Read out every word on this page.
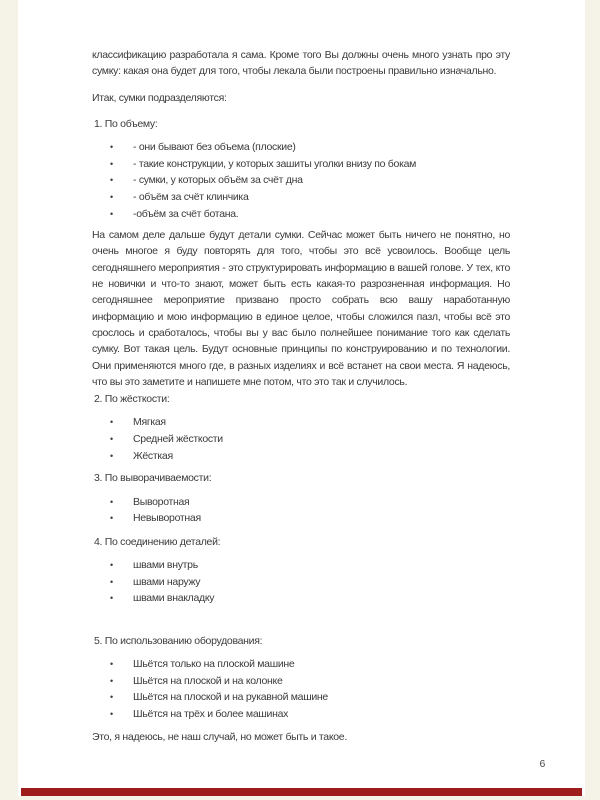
классификацию разработала я сама. Кроме того Вы должны очень много узнать про эту сумку: какая она будет для того, чтобы лекала были построены правильно изначально.

Итак, сумки подразделяются:

1. По объему:

•	- они бывают без объема (плоские)
•	- такие конструкции, у которых зашиты уголки внизу по бокам
•	- сумки, у которых объём за счёт дна
•	- объём за счёт клинчика
•	-объём за счёт ботана.

На самом деле дальше будут детали сумки. Сейчас может быть ничего не понятно, но очень многое я буду повторять для того, чтобы это всё усвоилось. Вообще цель сегодняшнего мероприятия - это структурировать информацию в вашей голове. У тех, кто не новички и что-то знают, может быть есть какая-то разрозненная информация. Но сегодняшнее мероприятие призвано просто собрать всю вашу наработанную информацию и мою информацию в единое целое, чтобы сложился пазл, чтобы всё это срослось и сработалось, чтобы вы у вас было полнейшее понимание того как сделать сумку. Вот такая цель. Будут основные принципы по конструированию и по технологии. Они применяются много где, в разных изделиях и всё встанет на свои места. Я надеюсь, что вы это заметите и напишете мне потом, что это так и случилось.

2. По жёсткости:

•	Мягкая
•	Средней жёсткости
•	Жёсткая

3. По выворачиваемости:

•	Выворотная
•	Невыворотная

4. По соединению деталей:

•	швами внутрь
•	швами наружу
•	швами внакладку

5. По использованию оборудования:

•	Шьётся только на плоской машине
•	Шьётся на плоской и на колонке
•	Шьётся на плоской и на рукавной машине
•	Шьётся на трёх и более машинах

Это, я надеюсь, не наш случай, но может быть и такое.

6
